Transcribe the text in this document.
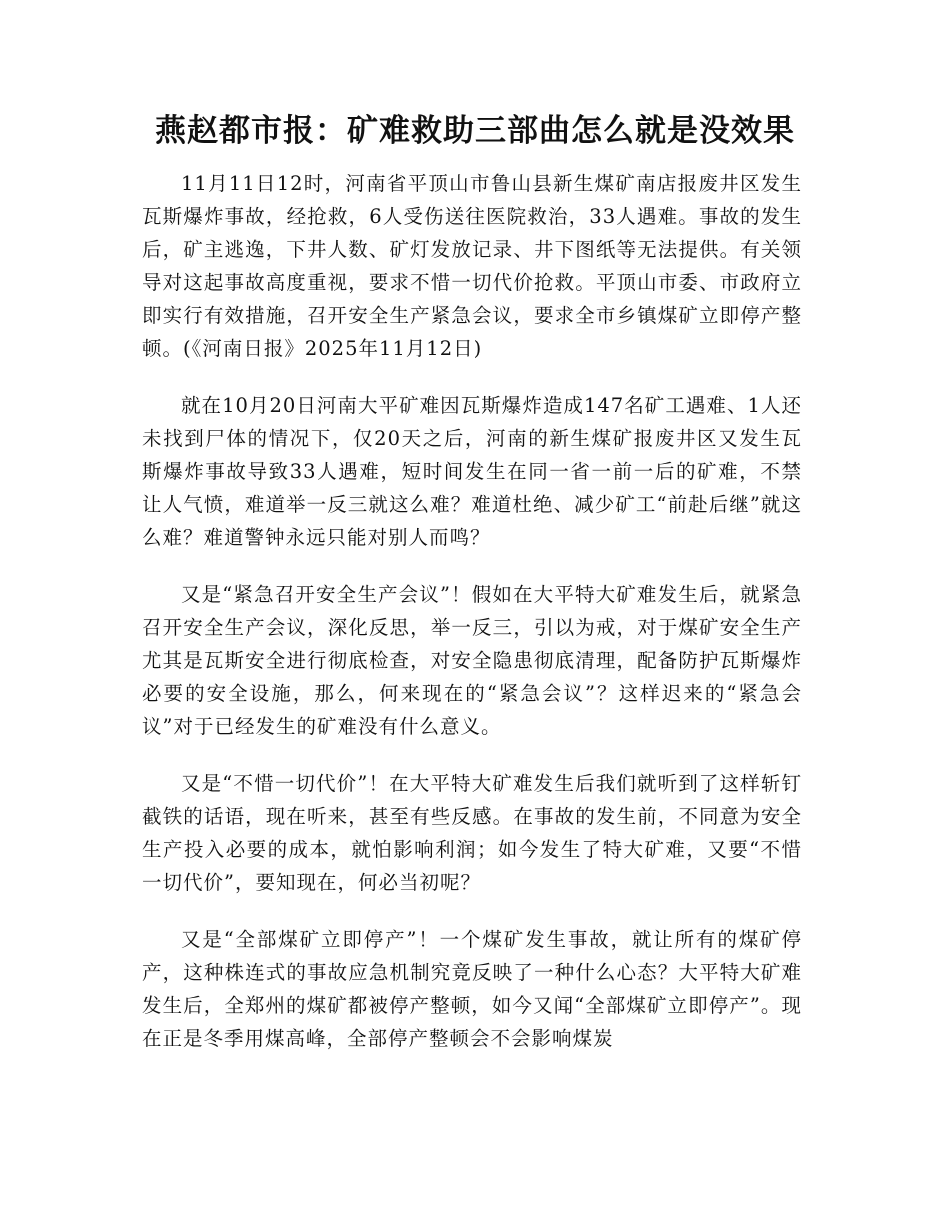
燕赵都市报：矿难救助三部曲怎么就是没效果

11月11日12时，河南省平顶山市鲁山县新生煤矿南店报废井区发生瓦斯爆炸事故，经抢救，6人受伤送往医院救治，33人遇难。事故的发生后，矿主逃逸，下井人数、矿灯发放记录、井下图纸等无法提供。有关领导对这起事故高度重视，要求不惜一切代价抢救。平顶山市委、市政府立即实行有效措施，召开安全生产紧急会议，要求全市乡镇煤矿立即停产整顿。(《河南日报》2025年11月12日)

就在10月20日河南大平矿难因瓦斯爆炸造成147名矿工遇难、1人还未找到尸体的情况下，仅20天之后，河南的新生煤矿报废井区又发生瓦斯爆炸事故导致33人遇难，短时间发生在同一省一前一后的矿难，不禁让人气愤，难道举一反三就这么难？难道杜绝、减少矿工“前赴后继”就这么难？难道警钟永远只能对别人而鸣？

又是“紧急召开安全生产会议”！假如在大平特大矿难发生后，就紧急召开安全生产会议，深化反思，举一反三，引以为戒，对于煤矿安全生产尤其是瓦斯安全进行彻底检查，对安全隐患彻底清理，配备防护瓦斯爆炸必要的安全设施，那么，何来现在的“紧急会议”？这样迟来的“紧急会议”对于已经发生的矿难没有什么意义。

又是“不惜一切代价”！在大平特大矿难发生后我们就听到了这样斩钉截铁的话语，现在听来，甚至有些反感。在事故的发生前，不同意为安全生产投入必要的成本，就怕影响利润；如今发生了特大矿难，又要“不惜一切代价”，要知现在，何必当初呢？

又是“全部煤矿立即停产”！一个煤矿发生事故，就让所有的煤矿停产，这种株连式的事故应急机制究竟反映了一种什么心态？大平特大矿难发生后，全郑州的煤矿都被停产整顿，如今又闻“全部煤矿立即停产”。现在正是冬季用煤高峰，全部停产整顿会不会影响煤炭
